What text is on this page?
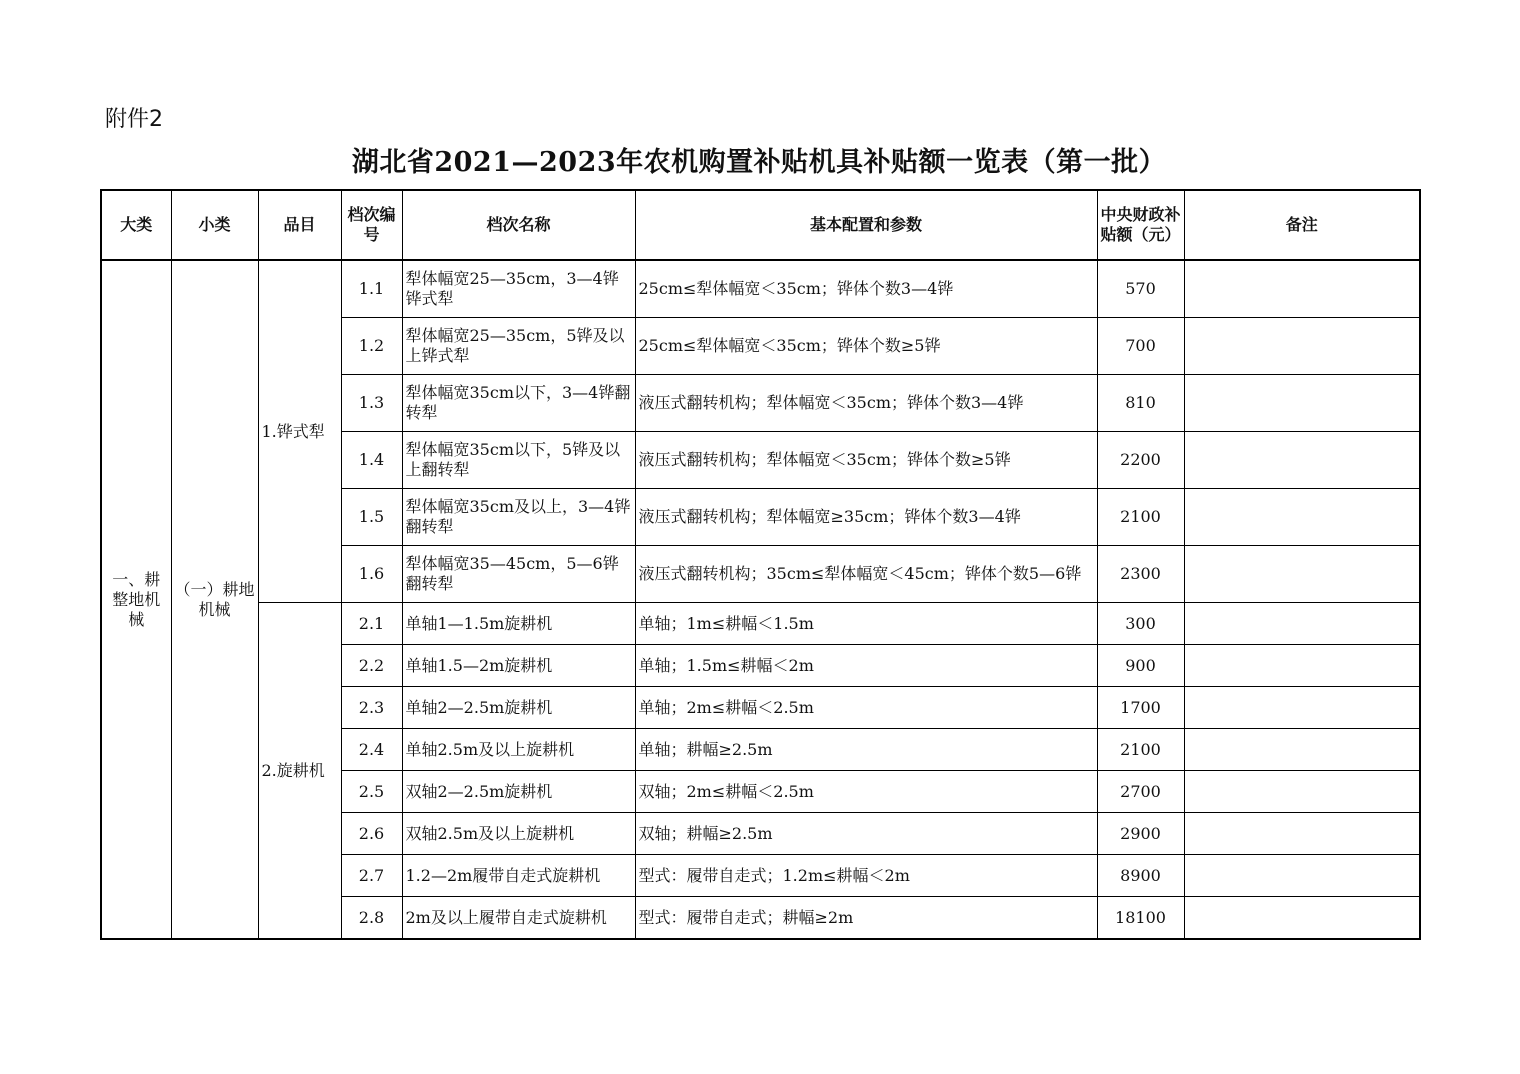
附件2
湖北省2021—2023年农机购置补贴机具补贴额一览表（第一批）
大类	小类	品目	档次编号	档次名称	基本配置和参数	中央财政补贴额（元）	备注
一、耕整地机械	（一）耕地机械	1.铧式犁	1.1	犁体幅宽25—35cm，3—4铧铧式犁	25cm≤犁体幅宽＜35cm；铧体个数3—4铧	570	
			1.2	犁体幅宽25—35cm，5铧及以上铧式犁	25cm≤犁体幅宽＜35cm；铧体个数≥5铧	700	
			1.3	犁体幅宽35cm以下，3—4铧翻转犁	液压式翻转机构；犁体幅宽＜35cm；铧体个数3—4铧	810	
			1.4	犁体幅宽35cm以下，5铧及以上翻转犁	液压式翻转机构；犁体幅宽＜35cm；铧体个数≥5铧	2200	
			1.5	犁体幅宽35cm及以上，3—4铧翻转犁	液压式翻转机构；犁体幅宽≥35cm；铧体个数3—4铧	2100	
			1.6	犁体幅宽35—45cm，5—6铧翻转犁	液压式翻转机构；35cm≤犁体幅宽＜45cm；铧体个数5—6铧	2300	
		2.旋耕机	2.1	单轴1—1.5m旋耕机	单轴；1m≤耕幅＜1.5m	300	
			2.2	单轴1.5—2m旋耕机	单轴；1.5m≤耕幅＜2m	900	
			2.3	单轴2—2.5m旋耕机	单轴；2m≤耕幅＜2.5m	1700	
			2.4	单轴2.5m及以上旋耕机	单轴；耕幅≥2.5m	2100	
			2.5	双轴2—2.5m旋耕机	双轴；2m≤耕幅＜2.5m	2700	
			2.6	双轴2.5m及以上旋耕机	双轴；耕幅≥2.5m	2900	
			2.7	1.2—2m履带自走式旋耕机	型式：履带自走式；1.2m≤耕幅＜2m	8900	
			2.8	2m及以上履带自走式旋耕机	型式：履带自走式；耕幅≥2m	18100	
